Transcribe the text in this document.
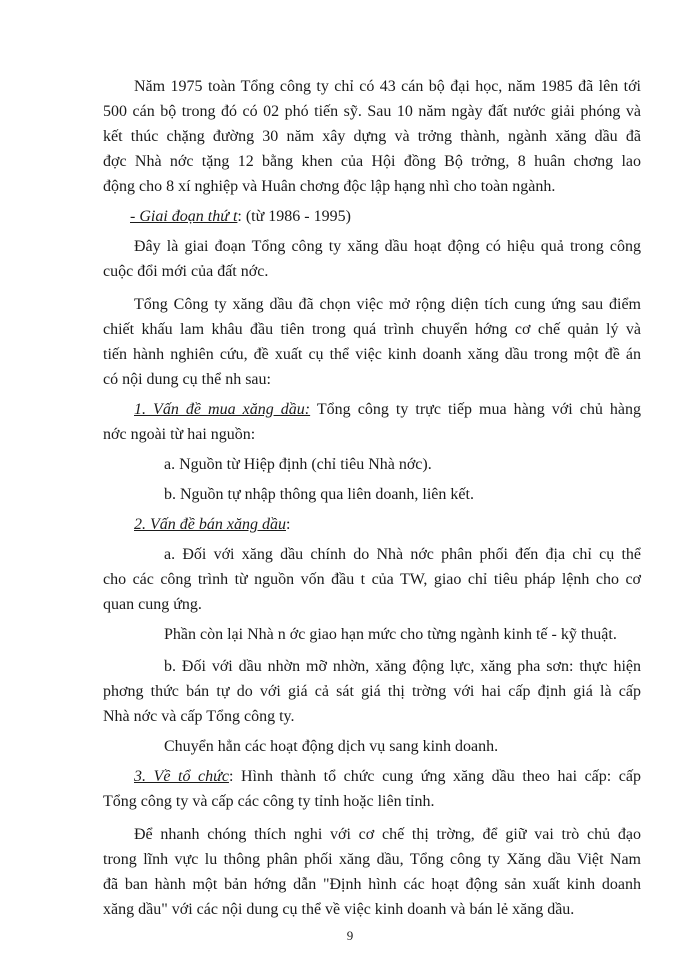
Năm 1975 toàn Tổng công ty chỉ có 43 cán bộ đại học, năm 1985 đã lên tới
500 cán bộ trong đó có 02 phó tiến sỹ. Sau 10 năm ngày đất nước giải phóng và
kết thúc chặng đường 30 năm xây dựng và trởng thành, ngành xăng dầu đã
đợc Nhà nớc tặng 12 bằng khen của Hội đồng Bộ trởng, 8 huân chơng lao
động cho 8 xí nghiệp và Huân chơng độc lập hạng nhì cho toàn ngành.
- Giai đoạn thứ t: (từ 1986 - 1995)
Đây là giai đoạn Tổng công ty xăng dầu hoạt động có hiệu quả trong công
cuộc đổi mới của đất nớc.
Tổng Công ty xăng dầu đã chọn việc mở rộng diện tích cung ứng sau điểm
chiết khấu lam khâu đầu tiên trong quá trình chuyển hớng cơ chế quản lý và
tiến hành nghiên cứu, đề xuất cụ thể việc kinh doanh xăng dầu trong một đề án
có nội dung cụ thể nh sau:
1. Vấn đề mua xăng dầu: Tổng công ty trực tiếp mua hàng với chủ hàng
nớc ngoài từ hai nguồn:
a. Nguồn từ Hiệp định (chỉ tiêu Nhà nớc).
b. Nguồn tự nhập thông qua liên doanh, liên kết.
2. Vấn đề bán xăng dầu:
a. Đối với xăng dầu chính do Nhà nớc phân phối đến địa chỉ cụ thể
cho các công trình từ nguồn vốn đầu t của TW, giao chỉ tiêu pháp lệnh cho cơ
quan cung ứng.
Phần còn lại Nhà n ớc giao hạn mức cho từng ngành kinh tế - kỹ thuật.
b. Đối với dầu nhờn mỡ nhờn, xăng động lực, xăng pha sơn: thực hiện
phơng thức bán tự do với giá cả sát giá thị trờng với hai cấp định giá là cấp
Nhà nớc và cấp Tổng công ty.
Chuyển hẳn các hoạt động dịch vụ sang kinh doanh.
3. Về tổ chức: Hình thành tổ chức cung ứng xăng dầu theo hai cấp: cấp
Tổng công ty và cấp các công ty tỉnh hoặc liên tỉnh.
Để nhanh chóng thích nghi với cơ chế thị trờng, để giữ vai trò chủ đạo
trong lĩnh vực lu thông phân phối xăng dầu, Tổng công ty Xăng dầu Việt Nam
đã ban hành một bản hớng dẫn "Định hình các hoạt động sản xuất kinh doanh
xăng dầu" với các nội dung cụ thể về việc kinh doanh và bán lẻ xăng dầu.
9
